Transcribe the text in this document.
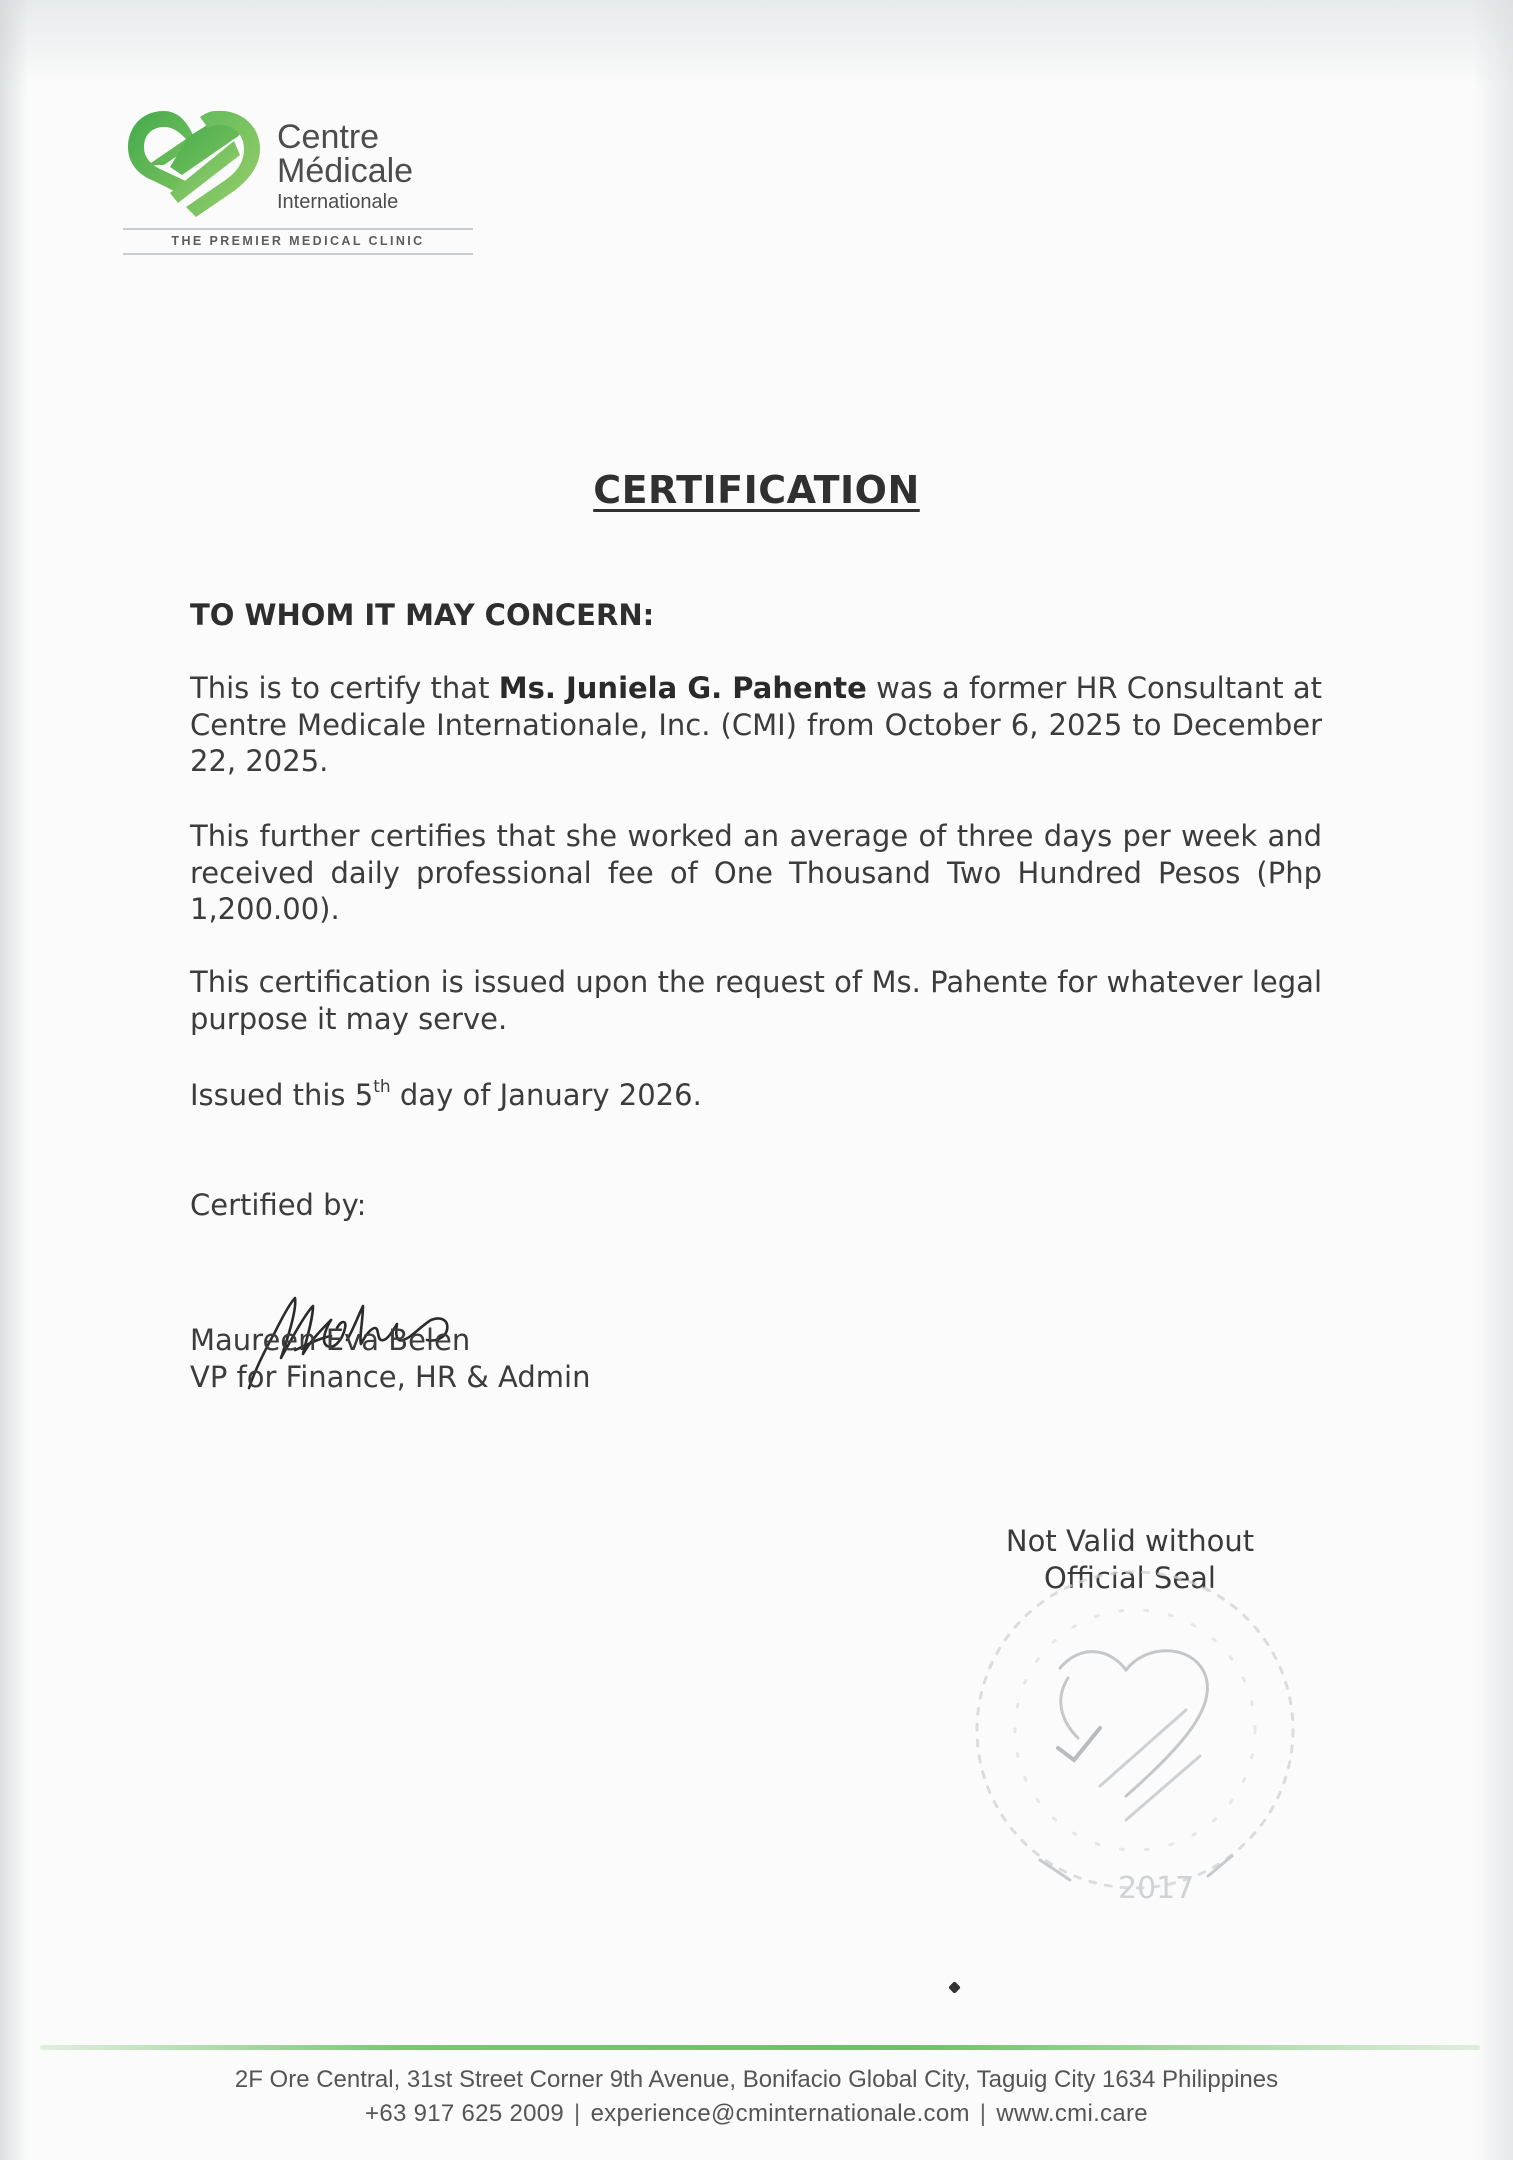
Centre
Médicale
Internationale
THE PREMIER MEDICAL CLINIC
CERTIFICATION
TO WHOM IT MAY CONCERN:
This is to certify that Ms. Juniela G. Pahente was a former HR Consultant at Centre Medicale Internationale, Inc. (CMI) from October 6, 2025 to December 22, 2025.
This further certifies that she worked an average of three days per week and received daily professional fee of One Thousand Two Hundred Pesos (Php 1,200.00).
This certification is issued upon the request of Ms. Pahente for whatever legal purpose it may serve.
Issued this 5th day of January 2026.
Certified by:
Maureen Eva Belen
VP for Finance, HR & Admin
Not Valid without
Official Seal
2017
2F Ore Central, 31st Street Corner 9th Avenue, Bonifacio Global City, Taguig City 1634 Philippines
+63 917 625 2009 | experience@cminternationale.com | www.cmi.care
